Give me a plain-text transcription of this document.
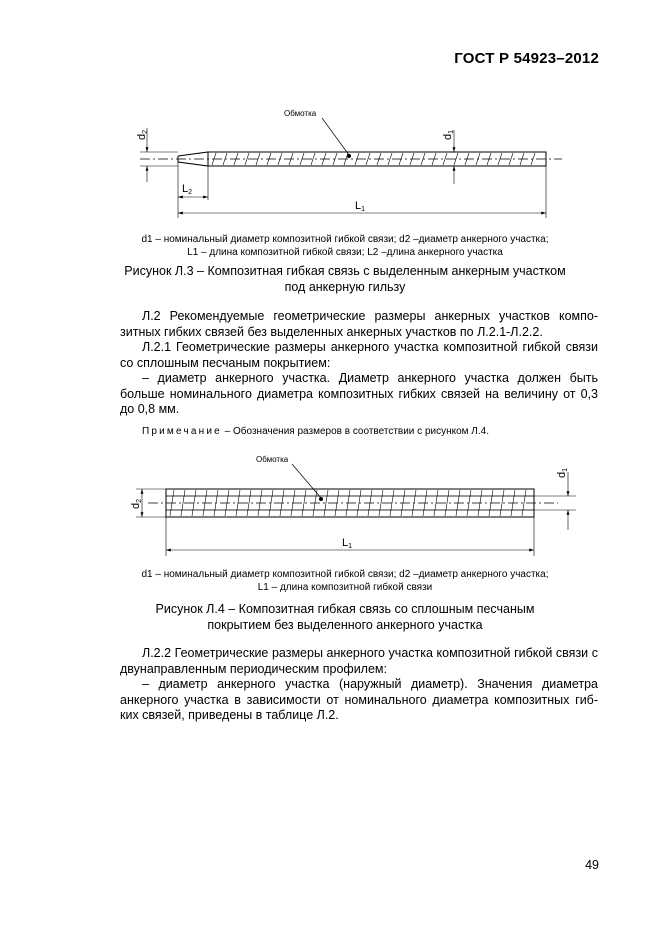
ГОСТ Р 54923–2012
Обмотка
d2
d1
L2
L1
d1 – номинальный диаметр композитной гибкой связи; d2 –диаметр анкерного участка;
L1 – длина композитной гибкой связи; L2 –длина анкерного участка
Рисунок Л.3 – Композитная гибкая связь с выделенным анкерным участком
под анкерную гильзу

Л.2 Рекомендуемые геометрические размеры анкерных участков компо-зитных гибких связей без выделенных анкерных участков по Л.2.1-Л.2.2.

Л.2.1 Геометрические размеры анкерного участка композитной гибкой связи со сплошным песчаным покрытием:

– диаметр анкерного участка. Диаметр анкерного участка должен быть больше номинального диаметра композитных гибких связей на величину от 0,3 до 0,8 мм.

Примечание – Обозначения размеров в соответствии с рисунком Л.4.
Обмотка
d2
d1
L1
d1 – номинальный диаметр композитной гибкой связи; d2 –диаметр анкерного участка;
L1 – длина композитной гибкой связи
Рисунок Л.4 – Композитная гибкая связь со сплошным песчаным
покрытием без выделенного анкерного участка

Л.2.2 Геометрические размеры анкерного участка композитной гибкой связи с двунаправленным периодическим профилем:

– диаметр анкерного участка (наружный диаметр). Значения диаметра анкерного участка в зависимости от номинального диаметра композитных гиб-ких связей, приведены в таблице Л.2.

49
